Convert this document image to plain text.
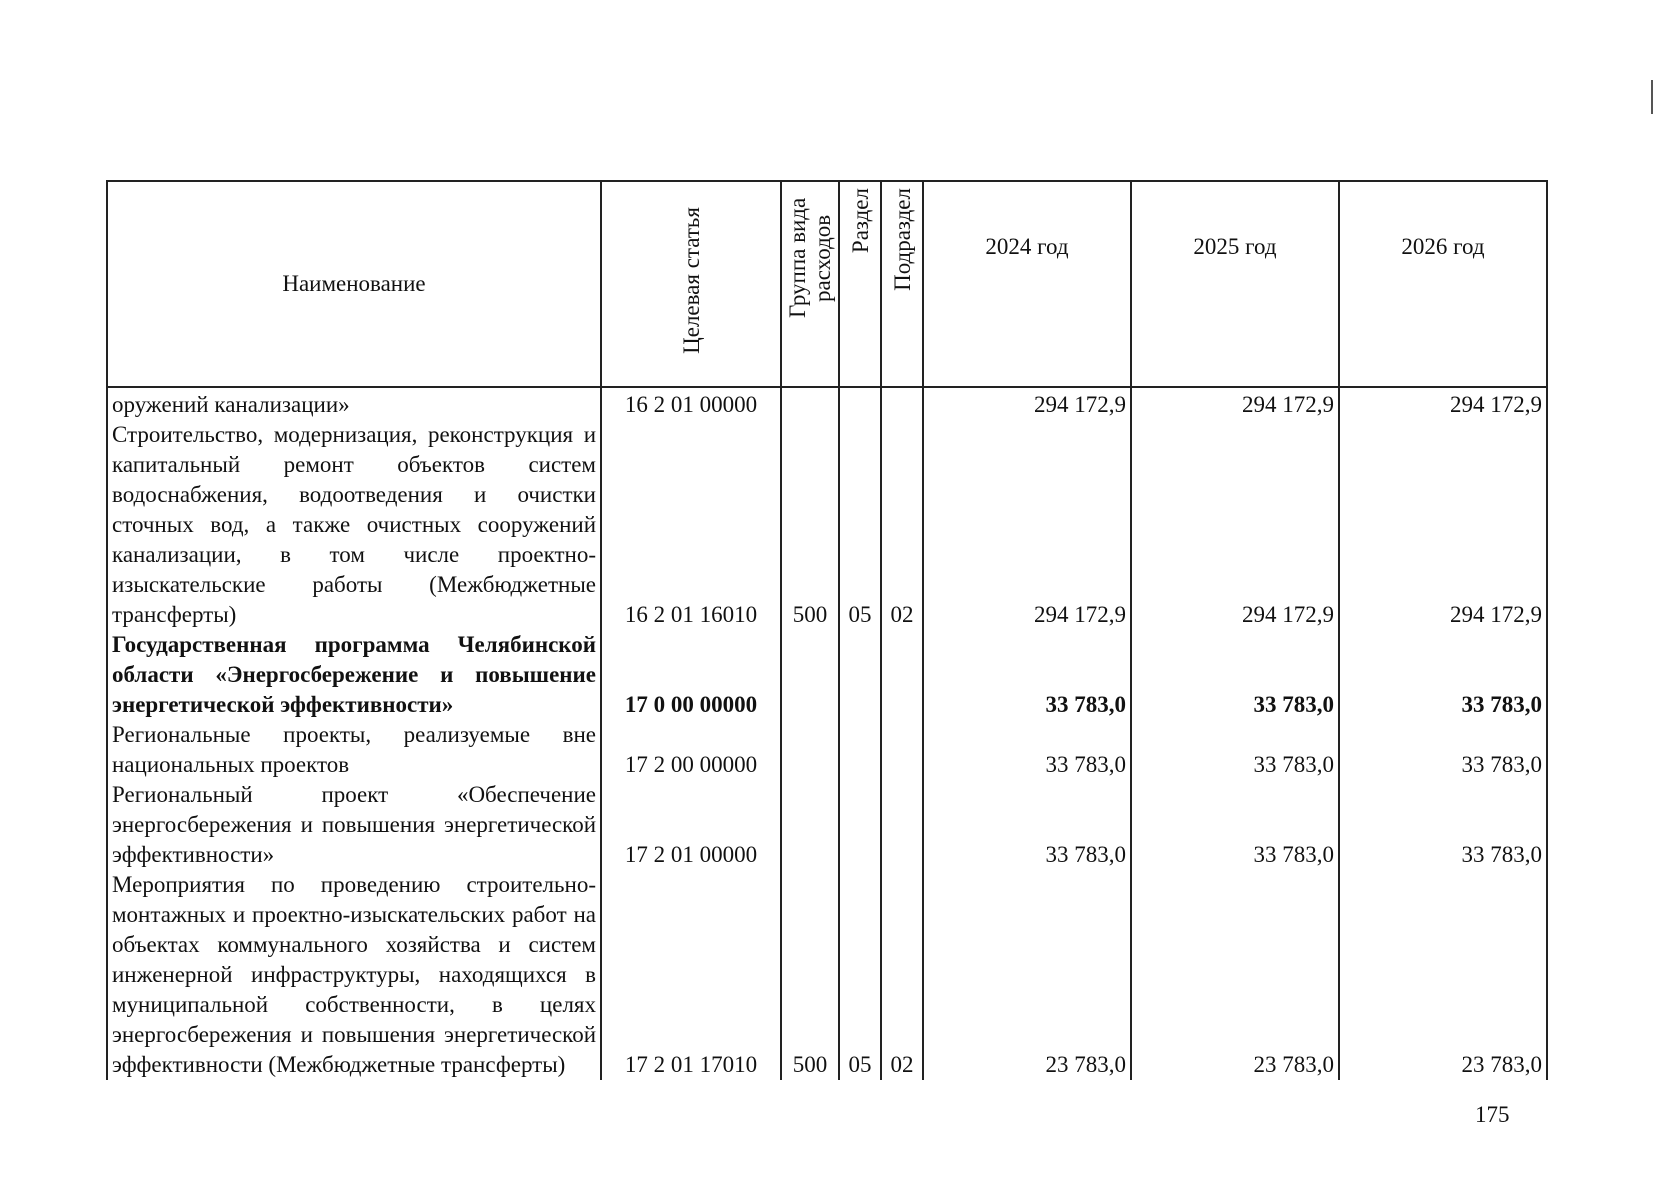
Наименование	Целевая статья	Группа вида расходов	Раздел	Подраздел	2024 год	2025 год	2026 год
оружений канализации»	16 2 01 00000				294 172,9	294 172,9	294 172,9
Строительство, модернизация, реконструкция и капитальный ремонт объектов систем водоснабжения, водоотведения и очистки сточных вод, а также очистных сооружений канализации, в том числе проектно-изыскательские работы (Межбюджетные трансферты)	16 2 01 16010	500	05	02	294 172,9	294 172,9	294 172,9
Государственная программа Челябинской области «Энергосбережение и повышение энергетической эффективности»	17 0 00 00000				33 783,0	33 783,0	33 783,0
Региональные проекты, реализуемые вне национальных проектов	17 2 00 00000				33 783,0	33 783,0	33 783,0
Региональный проект «Обеспечение энергосбережения и повышения энергетической эффективности»	17 2 01 00000				33 783,0	33 783,0	33 783,0
Мероприятия по проведению строительно-монтажных и проектно-изыскательских работ на объектах коммунального хозяйства и систем инженерной инфраструктуры, находящихся в муниципальной собственности, в целях энергосбережения и повышения энергетической эффективности (Межбюджетные трансферты)	17 2 01 17010	500	05	02	23 783,0	23 783,0	23 783,0
175
